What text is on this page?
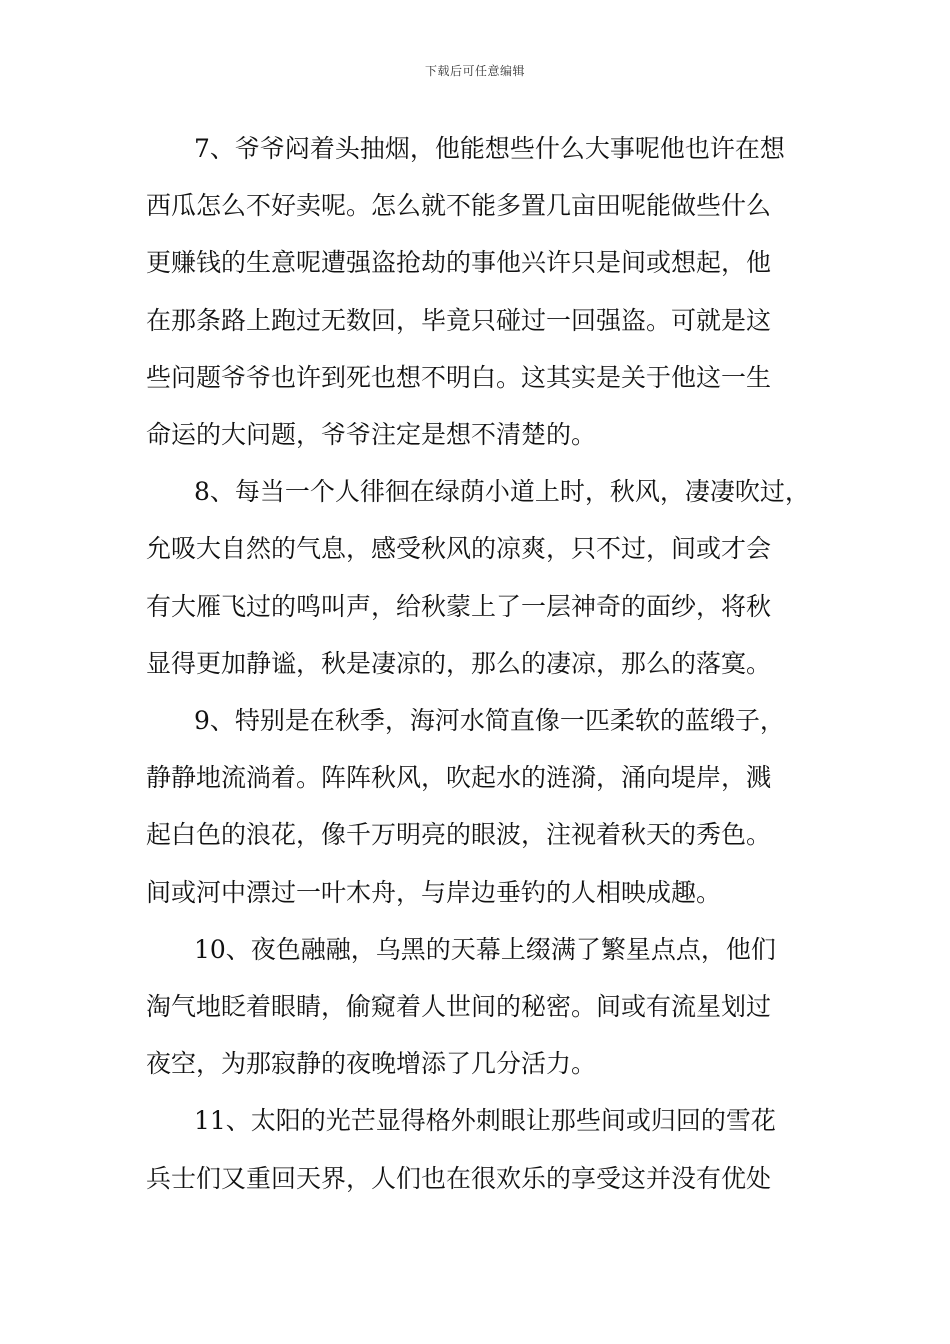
下载后可任意编辑
7、爷爷闷着头抽烟，他能想些什么大事呢他也许在想
西瓜怎么不好卖呢。怎么就不能多置几亩田呢能做些什么
更赚钱的生意呢遭强盗抢劫的事他兴许只是间或想起，他
在那条路上跑过无数回，毕竟只碰过一回强盗。可就是这
些问题爷爷也许到死也想不明白。这其实是关于他这一生
命运的大问题，爷爷注定是想不清楚的。
8、每当一个人徘徊在绿荫小道上时，秋风，凄凄吹过，
允吸大自然的气息，感受秋风的凉爽，只不过，间或才会
有大雁飞过的鸣叫声，给秋蒙上了一层神奇的面纱，将秋
显得更加静谧，秋是凄凉的，那么的凄凉，那么的落寞。
9、特别是在秋季，海河水简直像一匹柔软的蓝缎子，
静静地流淌着。阵阵秋风，吹起水的涟漪，涌向堤岸，溅
起白色的浪花，像千万明亮的眼波，注视着秋天的秀色。
间或河中漂过一叶木舟，与岸边垂钓的人相映成趣。
10、夜色融融，乌黑的天幕上缀满了繁星点点，他们
淘气地眨着眼睛，偷窥着人世间的秘密。间或有流星划过
夜空，为那寂静的夜晚增添了几分活力。
11、太阳的光芒显得格外刺眼让那些间或归回的雪花
兵士们又重回天界，人们也在很欢乐的享受这并没有优处
